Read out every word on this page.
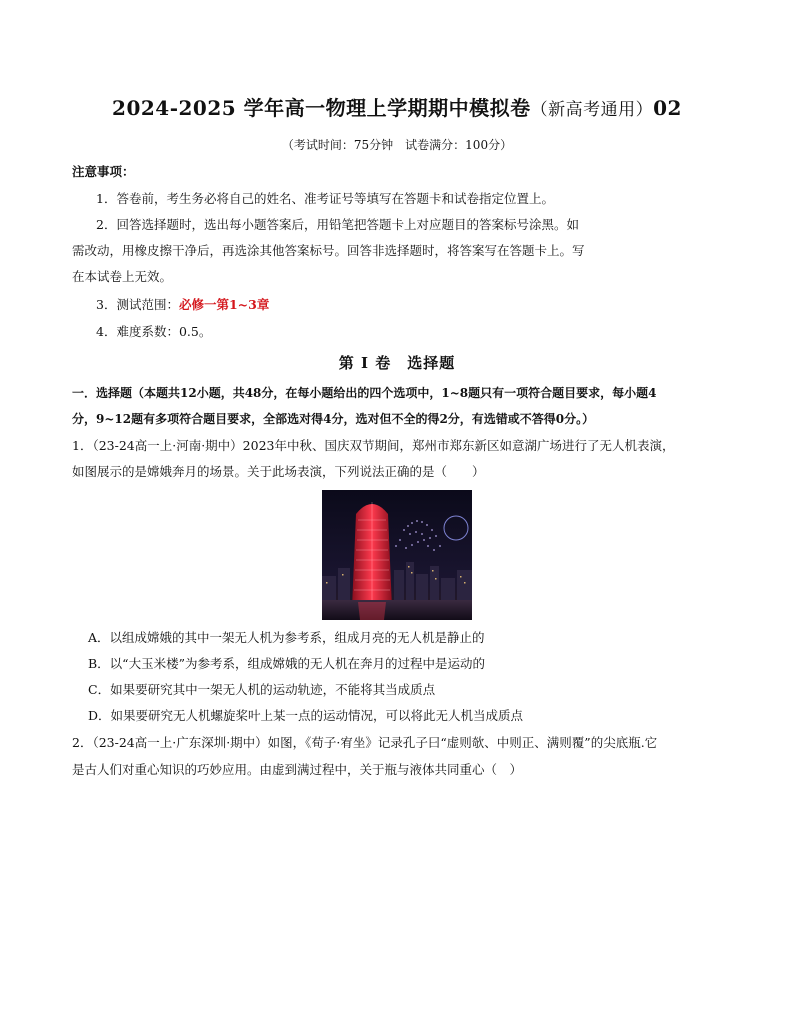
2024-2025 学年高一物理上学期期中模拟卷（新高考通用）02
（考试时间：75分钟　试卷满分：100分）
注意事项：
1．答卷前，考生务必将自己的姓名、准考证号等填写在答题卡和试卷指定位置上。
2．回答选择题时，选出每小题答案后，用铅笔把答题卡上对应题目的答案标号涂黑。如
需改动，用橡皮擦干净后，再选涂其他答案标号。回答非选择题时，将答案写在答题卡上。写
在本试卷上无效。
3．测试范围：必修一第1~3章
4．难度系数：0.5。
第 I 卷　选择题
一．选择题（本题共12小题，共48分，在每小题给出的四个选项中，1~8题只有一项符合题目要求，每小题4
分，9~12题有多项符合题目要求，全部选对得4分，选对但不全的得2分，有选错或不答得0分。）
1．（23-24高一上·河南·期中）2023年中秋、国庆双节期间，郑州市郑东新区如意湖广场进行了无人机表演，
如图展示的是嫦娥奔月的场景。关于此场表演，下列说法正确的是（　　）
A．以组成嫦娥的其中一架无人机为参考系，组成月亮的无人机是静止的
B．以“大玉米楼”为参考系，组成嫦娥的无人机在奔月的过程中是运动的
C．如果要研究其中一架无人机的运动轨迹，不能将其当成质点
D．如果要研究无人机螺旋桨叶上某一点的运动情况，可以将此无人机当成质点
2．（23-24高一上·广东深圳·期中）如图，《荀子·宥坐》记录孔子曰“虚则欹、中则正、满则覆”的尖底瓶.它
是古人们对重心知识的巧妙应用。由虚到满过程中，关于瓶与液体共同重心（　）
